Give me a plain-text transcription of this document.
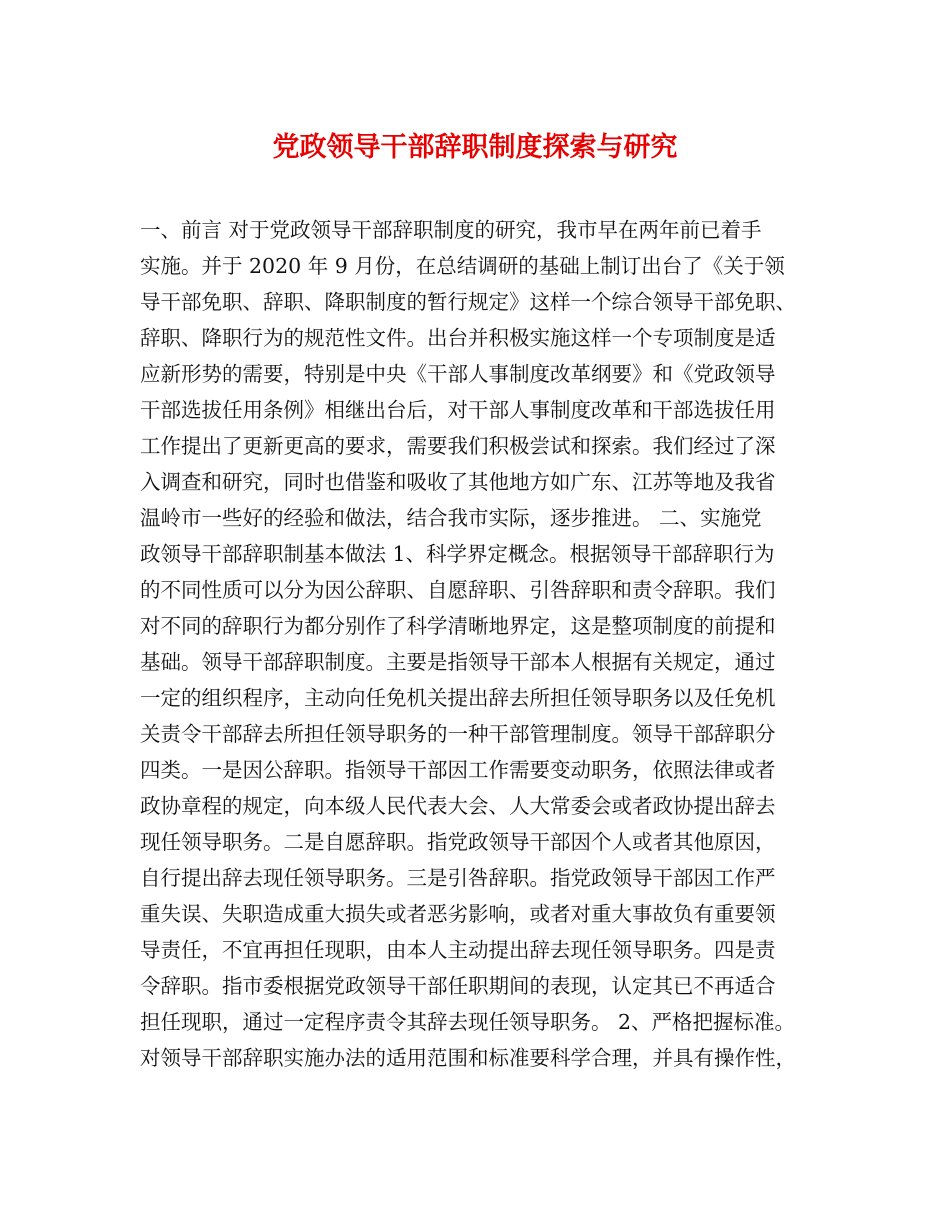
党政领导干部辞职制度探索与研究
一、前言 对于党政领导干部辞职制度的研究，我市早在两年前已着手
实施。并于 2020 年 9 月份，在总结调研的基础上制订出台了《关于领
导干部免职、辞职、降职制度的暂行规定》这样一个综合领导干部免职、
辞职、降职行为的规范性文件。出台并积极实施这样一个专项制度是适
应新形势的需要，特别是中央《干部人事制度改革纲要》和《党政领导
干部选拔任用条例》相继出台后，对干部人事制度改革和干部选拔任用
工作提出了更新更高的要求，需要我们积极尝试和探索。我们经过了深
入调查和研究，同时也借鉴和吸收了其他地方如广东、江苏等地及我省
温岭市一些好的经验和做法，结合我市实际，逐步推进。 二、实施党
政领导干部辞职制基本做法 1、科学界定概念。根据领导干部辞职行为
的不同性质可以分为因公辞职、自愿辞职、引咎辞职和责令辞职。我们
对不同的辞职行为都分别作了科学清晰地界定，这是整项制度的前提和
基础。领导干部辞职制度。主要是指领导干部本人根据有关规定，通过
一定的组织程序，主动向任免机关提出辞去所担任领导职务以及任免机
关责令干部辞去所担任领导职务的一种干部管理制度。领导干部辞职分
四类。一是因公辞职。指领导干部因工作需要变动职务，依照法律或者
政协章程的规定，向本级人民代表大会、人大常委会或者政协提出辞去
现任领导职务。二是自愿辞职。指党政领导干部因个人或者其他原因，
自行提出辞去现任领导职务。三是引咎辞职。指党政领导干部因工作严
重失误、失职造成重大损失或者恶劣影响，或者对重大事故负有重要领
导责任，不宜再担任现职，由本人主动提出辞去现任领导职务。四是责
令辞职。指市委根据党政领导干部任职期间的表现，认定其已不再适合
担任现职，通过一定程序责令其辞去现任领导职务。 2、严格把握标准。
对领导干部辞职实施办法的适用范围和标准要科学合理，并具有操作性，
